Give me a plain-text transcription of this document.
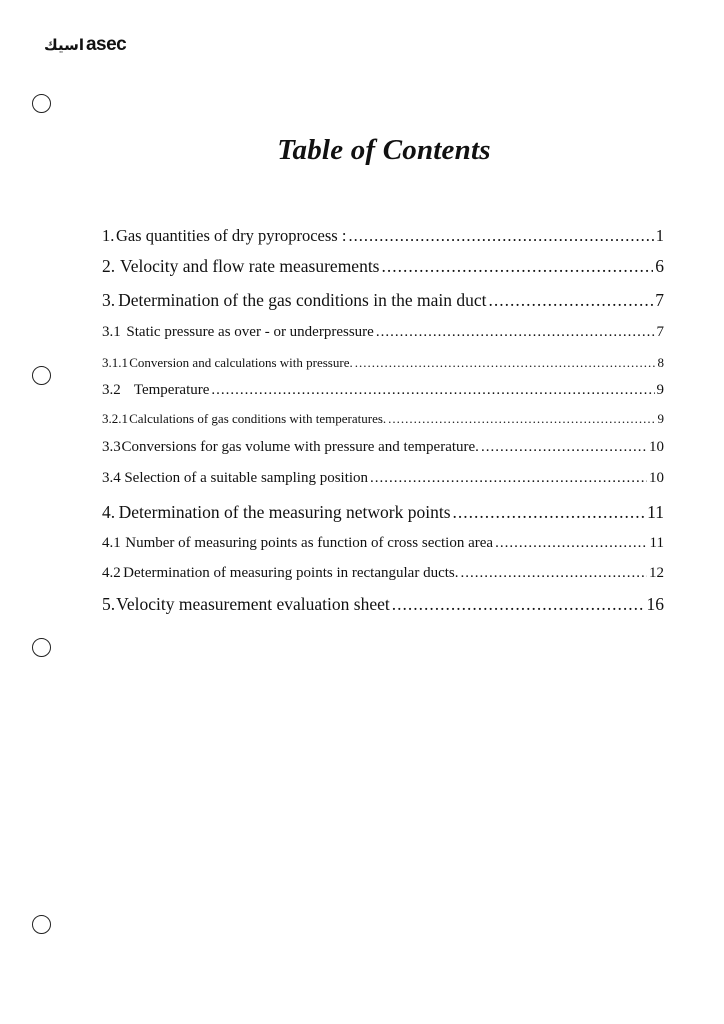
اسيك asec
Table of Contents
1. Gas quantities of dry pyroprocess : .....	1
2. Velocity and flow rate measurements .....	6
3. Determination of the gas conditions in the main duct .....	7
3.1 Static pressure as over - or underpressure .....	7
3.1.1 Conversion and calculations with pressure. .....	8
3.2 Temperature .....	9
3.2.1 Calculations of gas conditions with temperatures. .....	9
3.3 Conversions for gas volume with pressure and temperature. .....	10
3.4 Selection of a suitable sampling position .....	10
4. Determination of the measuring network points .....	11
4.1 Number of measuring points as function of cross section area .....	11
4.2 Determination of measuring points in rectangular ducts. .....	12
5. Velocity measurement evaluation sheet .....	16
